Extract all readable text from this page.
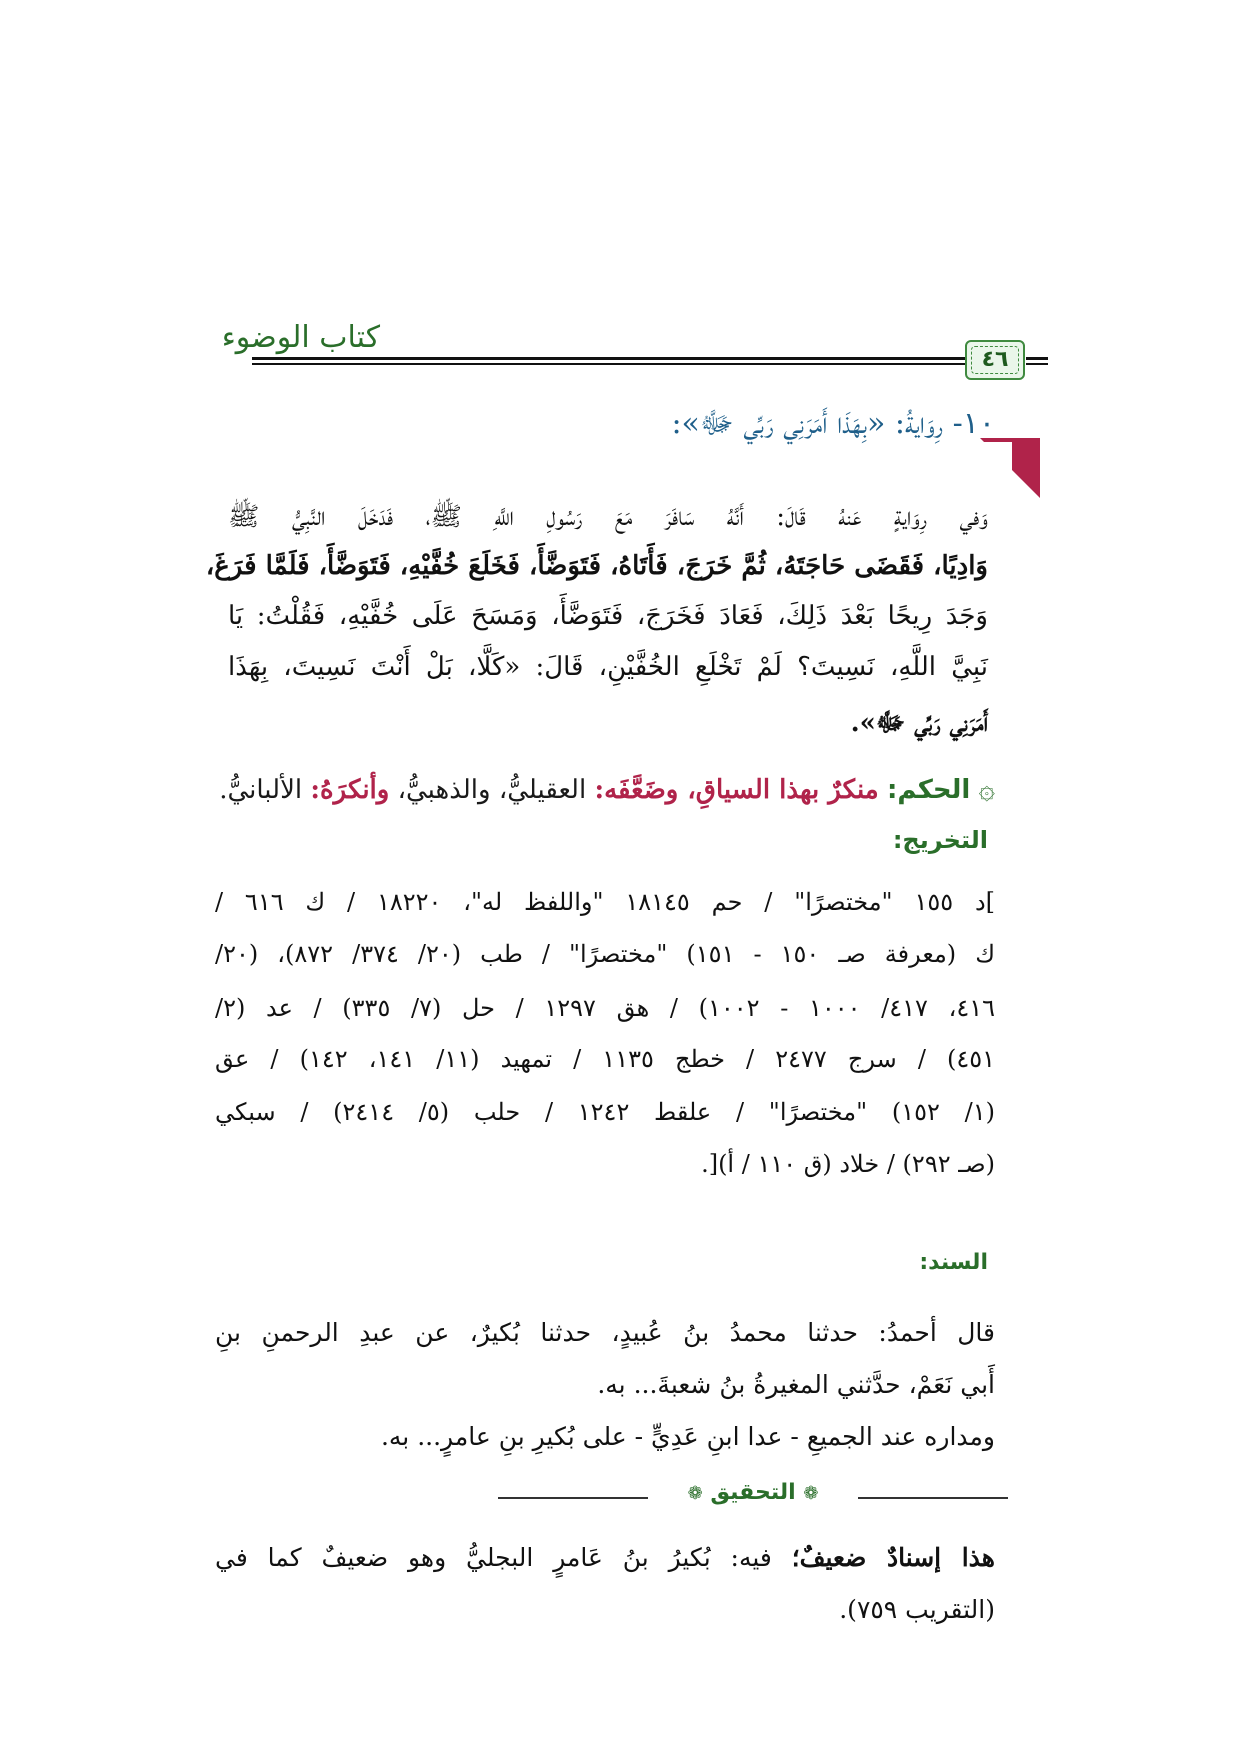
كتاب الوضوء
٤٦
١٠- رِوَايةُ: «بِهَذَا أَمَرَنِي رَبِّي ﷻ»:
وَفي رِوَايةٍ عَنهُ قَالَ: أَنَّهُ سَافَرَ مَعَ رَسُولِ اللَّهِ ﷺ، فَدَخَلَ النَّبِيُّ ﷺ
وَادِيًا، فَقَضَى حَاجَتَهُ، ثُمَّ خَرَجَ، فَأَتَاهُ، فَتَوَضَّأَ، فَخَلَعَ خُفَّيْهِ، فَتَوَضَّأَ، فَلَمَّا فَرَغَ،
وَجَدَ رِيحًا بَعْدَ ذَلِكَ، فَعَادَ فَخَرَجَ، فَتَوَضَّأَ، وَمَسَحَ عَلَى خُفَّيْهِ، فَقُلْتُ: يَا
نَبِيَّ اللَّهِ، نَسِيتَ؟ لَمْ تَخْلَعِ الخُفَّيْنِ، قَالَ: «كَلَّا، بَلْ أَنْتَ نَسِيتَ، بِهَذَا
أَمَرَنِي رَبِّي ﷻ».
۞ الحكم: منكرٌ بهذا السياقِ، وضَعَّفَه: العقيليُّ، والذهبيُّ، وأنكرَهُ: الألبانيُّ.
التخريج:
]د ١٥٥ "مختصرًا" / حم ١٨١٤٥ "واللفظ له"، ١٨٢٢٠ / ك ٦١٦ /
ك (معرفة صـ ١٥٠ - ١٥١) "مختصرًا" / طب (٢٠/ ٣٧٤/ ٨٧٢)، (٢٠/
٤١٦، ٤١٧/ ١٠٠٠ - ١٠٠٢) / هق ١٢٩٧ / حل (٧/ ٣٣٥) / عد (٢/
٤٥١) / سرج ٢٤٧٧ / خطج ١١٣٥ / تمهيد (١١/ ١٤١، ١٤٢) / عق
(١/ ١٥٢) "مختصرًا" / علقط ١٢٤٢ / حلب (٥/ ٢٤١٤) / سبكي
(صـ ٢٩٢) / خلاد (ق ١١٠ / أ)[.
السند:
قال أحمدُ: حدثنا محمدُ بنُ عُبيدٍ، حدثنا بُكيرٌ، عن عبدِ الرحمنِ بنِ
أَبي نَعَمْ، حدَّثني المغيرةُ بنُ شعبةَ... به.
ومداره عند الجميعِ - عدا ابنِ عَدِيٍّ - على بُكيرِ بنِ عامرٍ... به.
❁ التحقيق ❁
هذا إسنادٌ ضعيفٌ؛ فيه: بُكيرُ بنُ عَامرٍ البجليُّ وهو ضعيفٌ كما في
(التقريب ٧٥٩).
